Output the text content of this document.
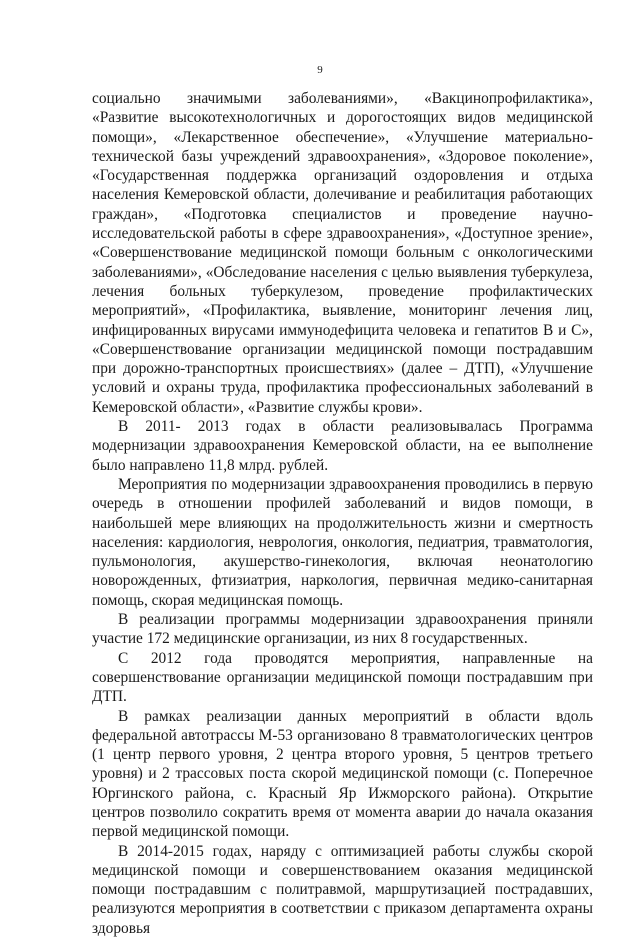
9

социально значимыми заболеваниями», «Вакцинопрофилактика», «Развитие высокотехнологичных и дорогостоящих видов медицинской помощи», «Лекарственное обеспечение», «Улучшение материально-технической базы учреждений здравоохранения», «Здоровое поколение», «Государственная поддержка организаций оздоровления и отдыха населения Кемеровской области, долечивание и реабилитация работающих граждан», «Подготовка специалистов и проведение научно-исследовательской работы в сфере здравоохранения», «Доступное зрение», «Совершенствование медицинской помощи больным с онкологическими заболеваниями», «Обследование населения с целью выявления туберкулеза, лечения больных туберкулезом, проведение профилактических мероприятий», «Профилактика, выявление, мониторинг лечения лиц, инфицированных вирусами иммунодефицита человека и гепатитов В и С», «Совершенствование организации медицинской помощи пострадавшим при дорожно-транспортных происшествиях» (далее – ДТП), «Улучшение условий и охраны труда, профилактика профессиональных заболеваний в Кемеровской области», «Развитие службы крови».

В 2011- 2013 годах в области реализовывалась Программа модернизации здравоохранения Кемеровской области, на ее выполнение было направлено 11,8 млрд. рублей.

Мероприятия по модернизации здравоохранения проводились в первую очередь в отношении профилей заболеваний и видов помощи, в наибольшей мере влияющих на продолжительность жизни и смертность населения: кардиология, неврология, онкология, педиатрия, травматология, пульмонология, акушерство-гинекология, включая неонатологию новорожденных, фтизиатрия, наркология, первичная медико-санитарная помощь, скорая медицинская помощь.

В реализации программы модернизации здравоохранения приняли участие 172 медицинские организации, из них 8 государственных.

С 2012 года проводятся мероприятия, направленные на совершенствование организации медицинской помощи пострадавшим при ДТП.

В рамках реализации данных мероприятий в области вдоль федеральной автотрассы М-53 организовано 8 травматологических центров (1 центр первого уровня, 2 центра второго уровня, 5 центров третьего уровня) и 2 трассовых поста скорой медицинской помощи (с. Поперечное Юргинского района, с. Красный Яр Ижморского района). Открытие центров позволило сократить время от момента аварии до начала оказания первой медицинской помощи.

В 2014-2015 годах, наряду с оптимизацией работы службы скорой медицинской помощи и совершенствованием оказания медицинской помощи пострадавшим с политравмой, маршрутизацией пострадавших, реализуются мероприятия в соответствии с приказом департамента охраны здоровья
